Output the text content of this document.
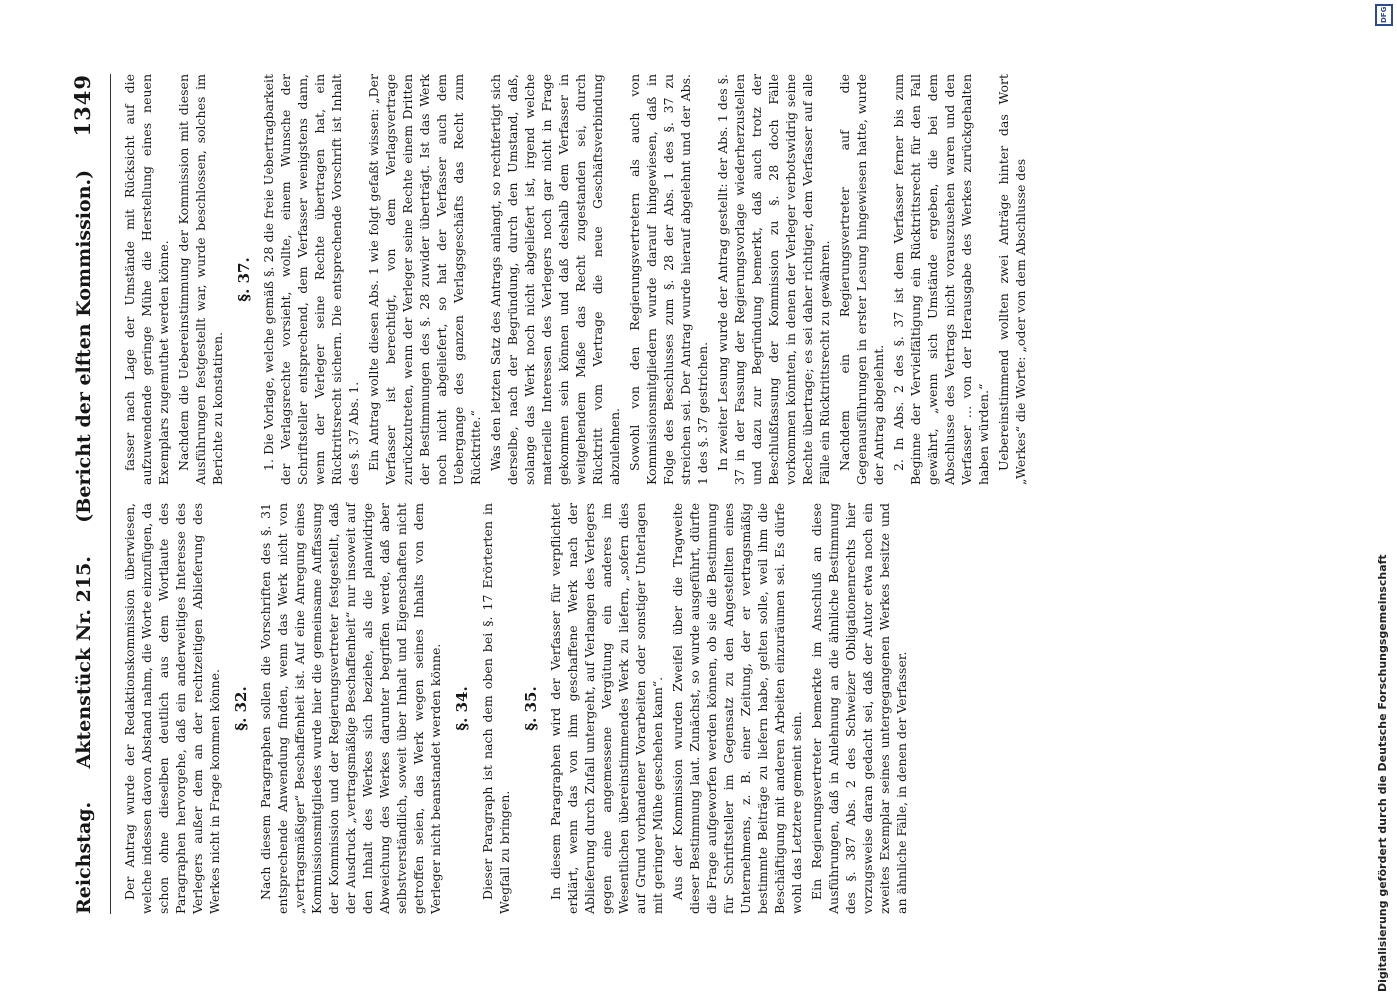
Reichstag.
Aktenstück Nr. 215.
(Bericht der elften Kommission.)
1349

Der Antrag wurde der Redaktionskommission überwiesen, welche indessen davon Abstand nahm, die Worte einzufügen, da schon ohne dieselben deutlich aus dem Wortlaute des Paragraphen hervorgehe, daß ein anderweitiges Interesse des Verlegers außer dem an der rechtzeitigen Ablieferung des Werkes nicht in Frage kommen könne. §. 32. Nach diesem Paragraphen sollen die Vorschriften des §. 31 entsprechende Anwendung finden, wenn das Werk nicht von „vertragsmäßiger“ Beschaffenheit ist. Auf eine Anregung eines Kommissionsmitgliedes wurde hier die gemeinsame Auffassung der Kommission und der Regierungsvertreter festgestellt, daß der Ausdruck „vertragsmäßige Beschaffenheit“ nur insoweit auf den Inhalt des Werkes sich beziehe, als die planwidrige Abweichung des Werkes darunter begriffen werde, daß aber selbstverständlich, soweit über Inhalt und Eigenschaften nicht getroffen seien, das Werk wegen seines Inhalts von dem Verleger nicht beanstandet werden könne. §. 34. Dieser Paragraph ist nach dem oben bei §. 17 Erörterten in Wegfall zu bringen.

§. 35. In diesem Paragraphen wird der Verfasser für verpflichtet erklärt, wenn das von ihm geschaffene Werk nach der Ablieferung durch Zufall untergeht, auf Verlangen des Verlegers gegen eine angemessene Vergütung ein anderes im Wesentlichen übereinstimmendes Werk zu liefern, „sofern dies auf Grund vorhandener Vorarbeiten oder sonstiger Unterlagen mit geringer Mühe geschehen kann“. Aus der Kommission wurden Zweifel über die Tragweite dieser Bestimmung laut. Zunächst, so wurde ausgeführt, dürfte die Frage aufgeworfen werden können, ob sie die Bestimmung für Schriftsteller im Gegensatz zu den Angestellten eines Unternehmens, z. B. einer Zeitung, der er vertragsmäßig bestimmte Beiträge zu liefern habe, gelten solle, weil ihm die Beschäftigung mit anderen Arbeiten einzuräumen sei. Es dürfe wohl das Letztere gemeint sein. Ein Regierungsvertreter bemerkte im Anschluß an diese Ausführungen, daß in Anlehnung an die ähnliche Bestimmung des §. 387 Abs. 2 des Schweizer Obligationenrechts hier vorzugsweise daran gedacht sei, daß der Autor etwa noch ein zweites Exemplar seines untergegangenen Werkes besitze und an ähnliche Fälle, in denen der Verfasser.

fasser nach Lage der Umstände mit Rücksicht auf die aufzuwendende geringe Mühe die Herstellung eines neuen Exemplars zugemuthet werden könne. Nachdem die Uebereinstimmung der Kommission mit diesen Ausführungen festgestellt war, wurde beschlossen, solches im Berichte zu konstatiren.

§. 37. 1. Die Vorlage, welche gemäß §. 28 die freie Uebertragbarkeit der Verlagsrechte vorsieht, wollte, einem Wunsche der Schriftsteller entsprechend, dem Verfasser wenigstens dann, wenn der Verleger seine Rechte übertragen hat, ein Rücktrittsrecht sichern. Die entsprechende Vorschrift ist Inhalt des §. 37 Abs. 1. Ein Antrag wollte diesen Abs. 1 wie folgt gefaßt wissen: „Der Verfasser ist berechtigt, von dem Verlagsvertrage zurückzutreten, wenn der Verleger seine Rechte einem Dritten der Bestimmungen des §. 28 zuwider überträgt. Ist das Werk noch nicht abgeliefert, so hat der Verfasser auch dem Uebergange des ganzen Verlagsgeschäfts das Recht zum Rücktritte.“ Was den letzten Satz des Antrags anlangt, so rechtfertigt sich derselbe, nach der Begründung, durch den Umstand, daß, solange das Werk noch nicht abgeliefert ist, irgend welche materielle Interessen des Verlegers noch gar nicht in Frage gekommen sein können und daß deshalb dem Verfasser in weitgehendem Maße das Recht zugestanden sei, durch Rücktritt vom Vertrage die neue Geschäftsverbindung abzulehnen. Sowohl von den Regierungsvertretern als auch von Kommissionsmitgliedern wurde darauf hingewiesen, daß in Folge des Beschlusses zum §. 28 der Abs. 1 des §. 37 zu streichen sei. Der Antrag wurde hierauf abgelehnt und der Abs. 1 des §. 37 gestrichen. In zweiter Lesung wurde der Antrag gestellt: der Abs. 1 des §. 37 in der Fassung der Regierungsvorlage wiederherzustellen und dazu zur Begründung bemerkt, daß auch trotz der Beschlußfassung der Kommission zu §. 28 doch Fälle vorkommen könnten, in denen der Verleger verbotswidrig seine Rechte übertrage; es sei daher richtiger, dem Verfasser auf alle Fälle ein Rücktrittsrecht zu gewähren. Nachdem ein Regierungsvertreter auf die Gegenausführungen in erster Lesung hingewiesen hatte, wurde der Antrag abgelehnt. 2. In Abs. 2 des §. 37 ist dem Verfasser ferner bis zum Beginne der Vervielfältigung ein Rücktrittsrecht für den Fall gewährt, „wenn sich Umstände ergeben, die bei dem Abschlusse des Vertrags nicht vorauszusehen waren und den Verfasser … von der Herausgabe des Werkes zurückgehalten haben würden.“ Uebereinstimmend wollten zwei Anträge hinter das Wort „Werkes“ die Worte: „oder von dem Abschlusse des

DFG
Digitalisierung gefördert durch die Deutsche Forschungsgemeinschaft
